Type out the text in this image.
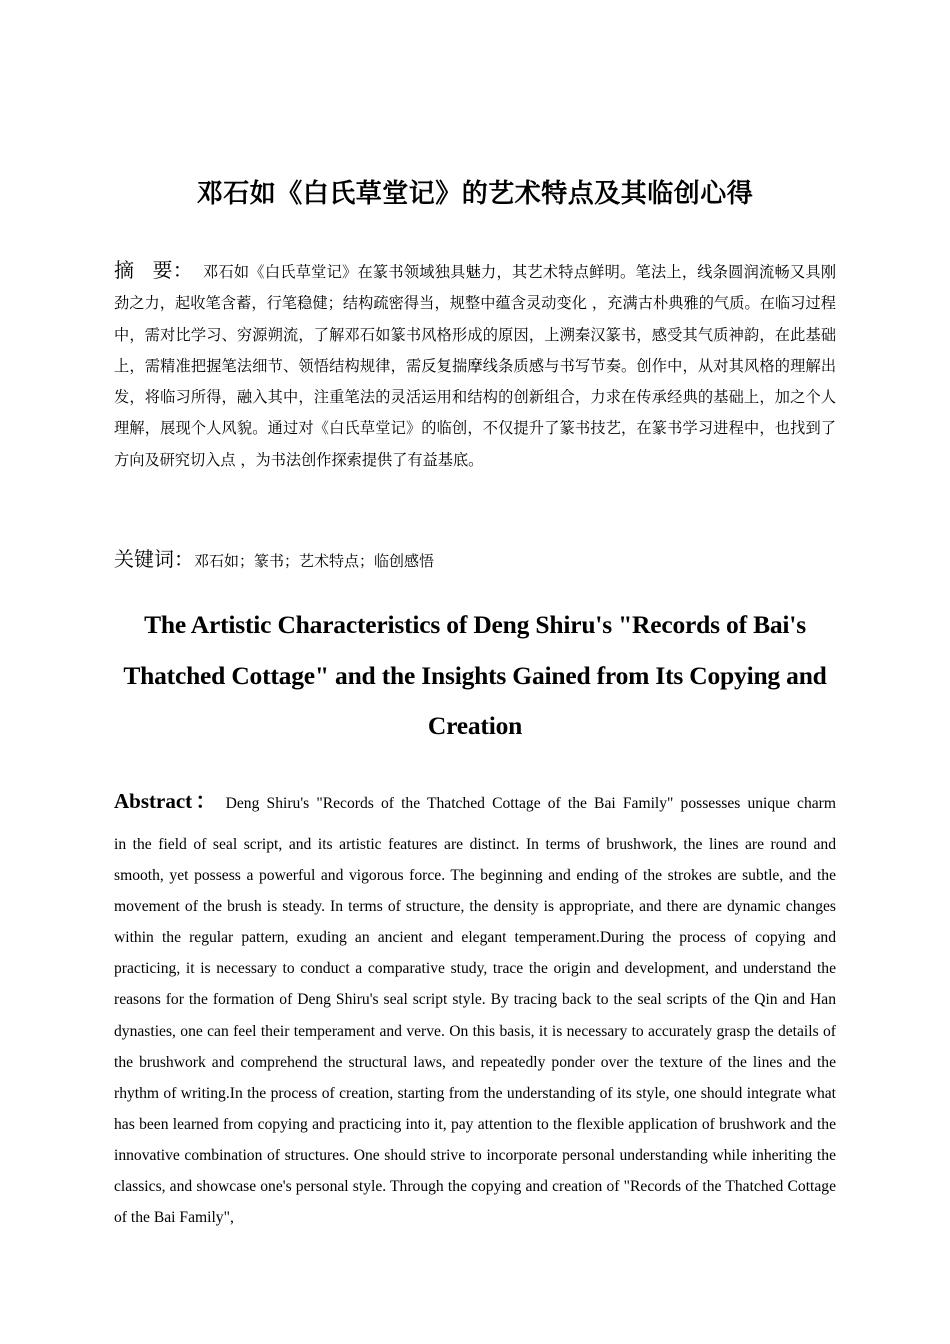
邓石如《白氏草堂记》的艺术特点及其临创心得
摘 要： 邓石如《白氏草堂记》在篆书领域独具魅力，其艺术特点鲜明。笔法上，线条圆润流畅又具刚劲之力，起收笔含蓄，行笔稳健；结构疏密得当，规整中蕴含灵动变化 ，充满古朴典雅的气质。在临习过程中，需对比学习、穷源朔流，了解邓石如篆书风格形成的原因，上溯秦汉篆书，感受其气质神韵，在此基础上，需精准把握笔法细节、领悟结构规律，需反复揣摩线条质感与书写节奏。创作中，从对其风格的理解出发，将临习所得，融入其中，注重笔法的灵活运用和结构的创新组合，力求在传承经典的基础上，加之个人理解，展现个人风貌。通过对《白氏草堂记》的临创，不仅提升了篆书技艺，在篆书学习进程中，也找到了方向及研究切入点 ，为书法创作探索提供了有益基底。
关键词：邓石如；篆书；艺术特点；临创感悟
The Artistic Characteristics of Deng Shiru's "Records of Bai's Thatched Cottage" and the Insights Gained from Its Copying and Creation
Abstract： Deng Shiru's "Records of the Thatched Cottage of the Bai Family" possesses unique charm
in the field of seal script, and its artistic features are distinct. In terms of brushwork, the lines are round and smooth, yet possess a powerful and vigorous force. The beginning and ending of the strokes are subtle, and the movement of the brush is steady. In terms of structure, the density is appropriate, and there are dynamic changes within the regular pattern, exuding an ancient and elegant temperament.During the process of copying and practicing, it is necessary to conduct a comparative study, trace the origin and development, and understand the reasons for the formation of Deng Shiru's seal script style. By tracing back to the seal scripts of the Qin and Han dynasties, one can feel their temperament and verve. On this basis, it is necessary to accurately grasp the details of the brushwork and comprehend the structural laws, and repeatedly ponder over the texture of the lines and the rhythm of writing.In the process of creation, starting from the understanding of its style, one should integrate what has been learned from copying and practicing into it, pay attention to the flexible application of brushwork and the innovative combination of structures. One should strive to incorporate personal understanding while inheriting the classics, and showcase one's personal style. Through the copying and creation of "Records of the Thatched Cottage of the Bai Family",
